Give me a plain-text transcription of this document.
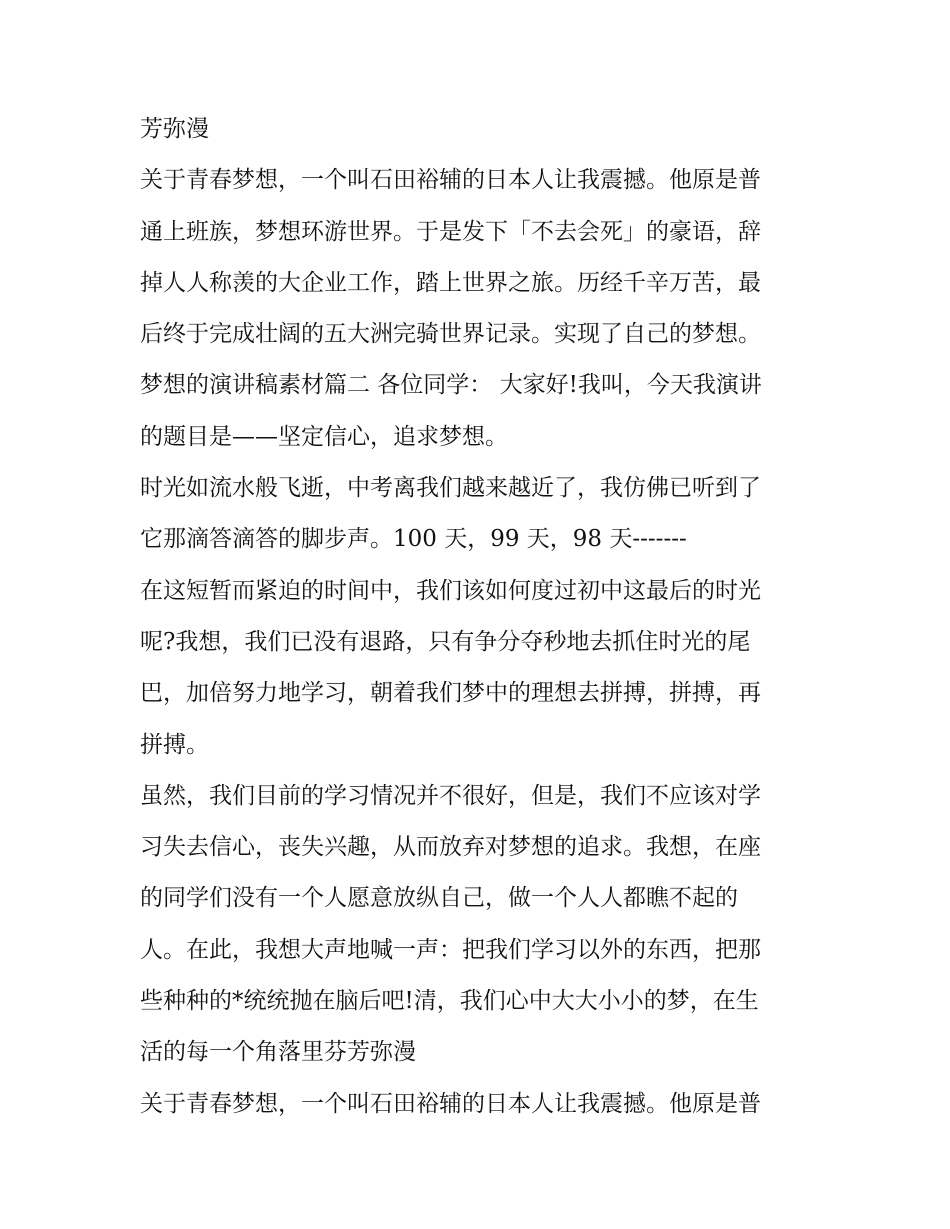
芳弥漫
关于青春梦想，一个叫石田裕辅的日本人让我震撼。他原是普
通上班族，梦想环游世界。于是发下「不去会死」的豪语，辞
掉人人称羡的大企业工作，踏上世界之旅。历经千辛万苦，最
后终于完成壮阔的五大洲完骑世界记录。实现了自己的梦想。
梦想的演讲稿素材篇二 各位同学： 大家好!我叫，今天我演讲
的题目是——坚定信心，追求梦想。
时光如流水般飞逝，中考离我们越来越近了，我仿佛已听到了
它那滴答滴答的脚步声。100 天，99 天，98 天-------
在这短暂而紧迫的时间中，我们该如何度过初中这最后的时光
呢?我想，我们已没有退路，只有争分夺秒地去抓住时光的尾
巴，加倍努力地学习，朝着我们梦中的理想去拼搏，拼搏，再
拼搏。
虽然，我们目前的学习情况并不很好，但是，我们不应该对学
习失去信心，丧失兴趣，从而放弃对梦想的追求。我想，在座
的同学们没有一个人愿意放纵自己，做一个人人都瞧不起的
人。在此，我想大声地喊一声：把我们学习以外的东西，把那
些种种的*统统抛在脑后吧!清，我们心中大大小小的梦，在生
活的每一个角落里芬芳弥漫
关于青春梦想，一个叫石田裕辅的日本人让我震撼。他原是普
